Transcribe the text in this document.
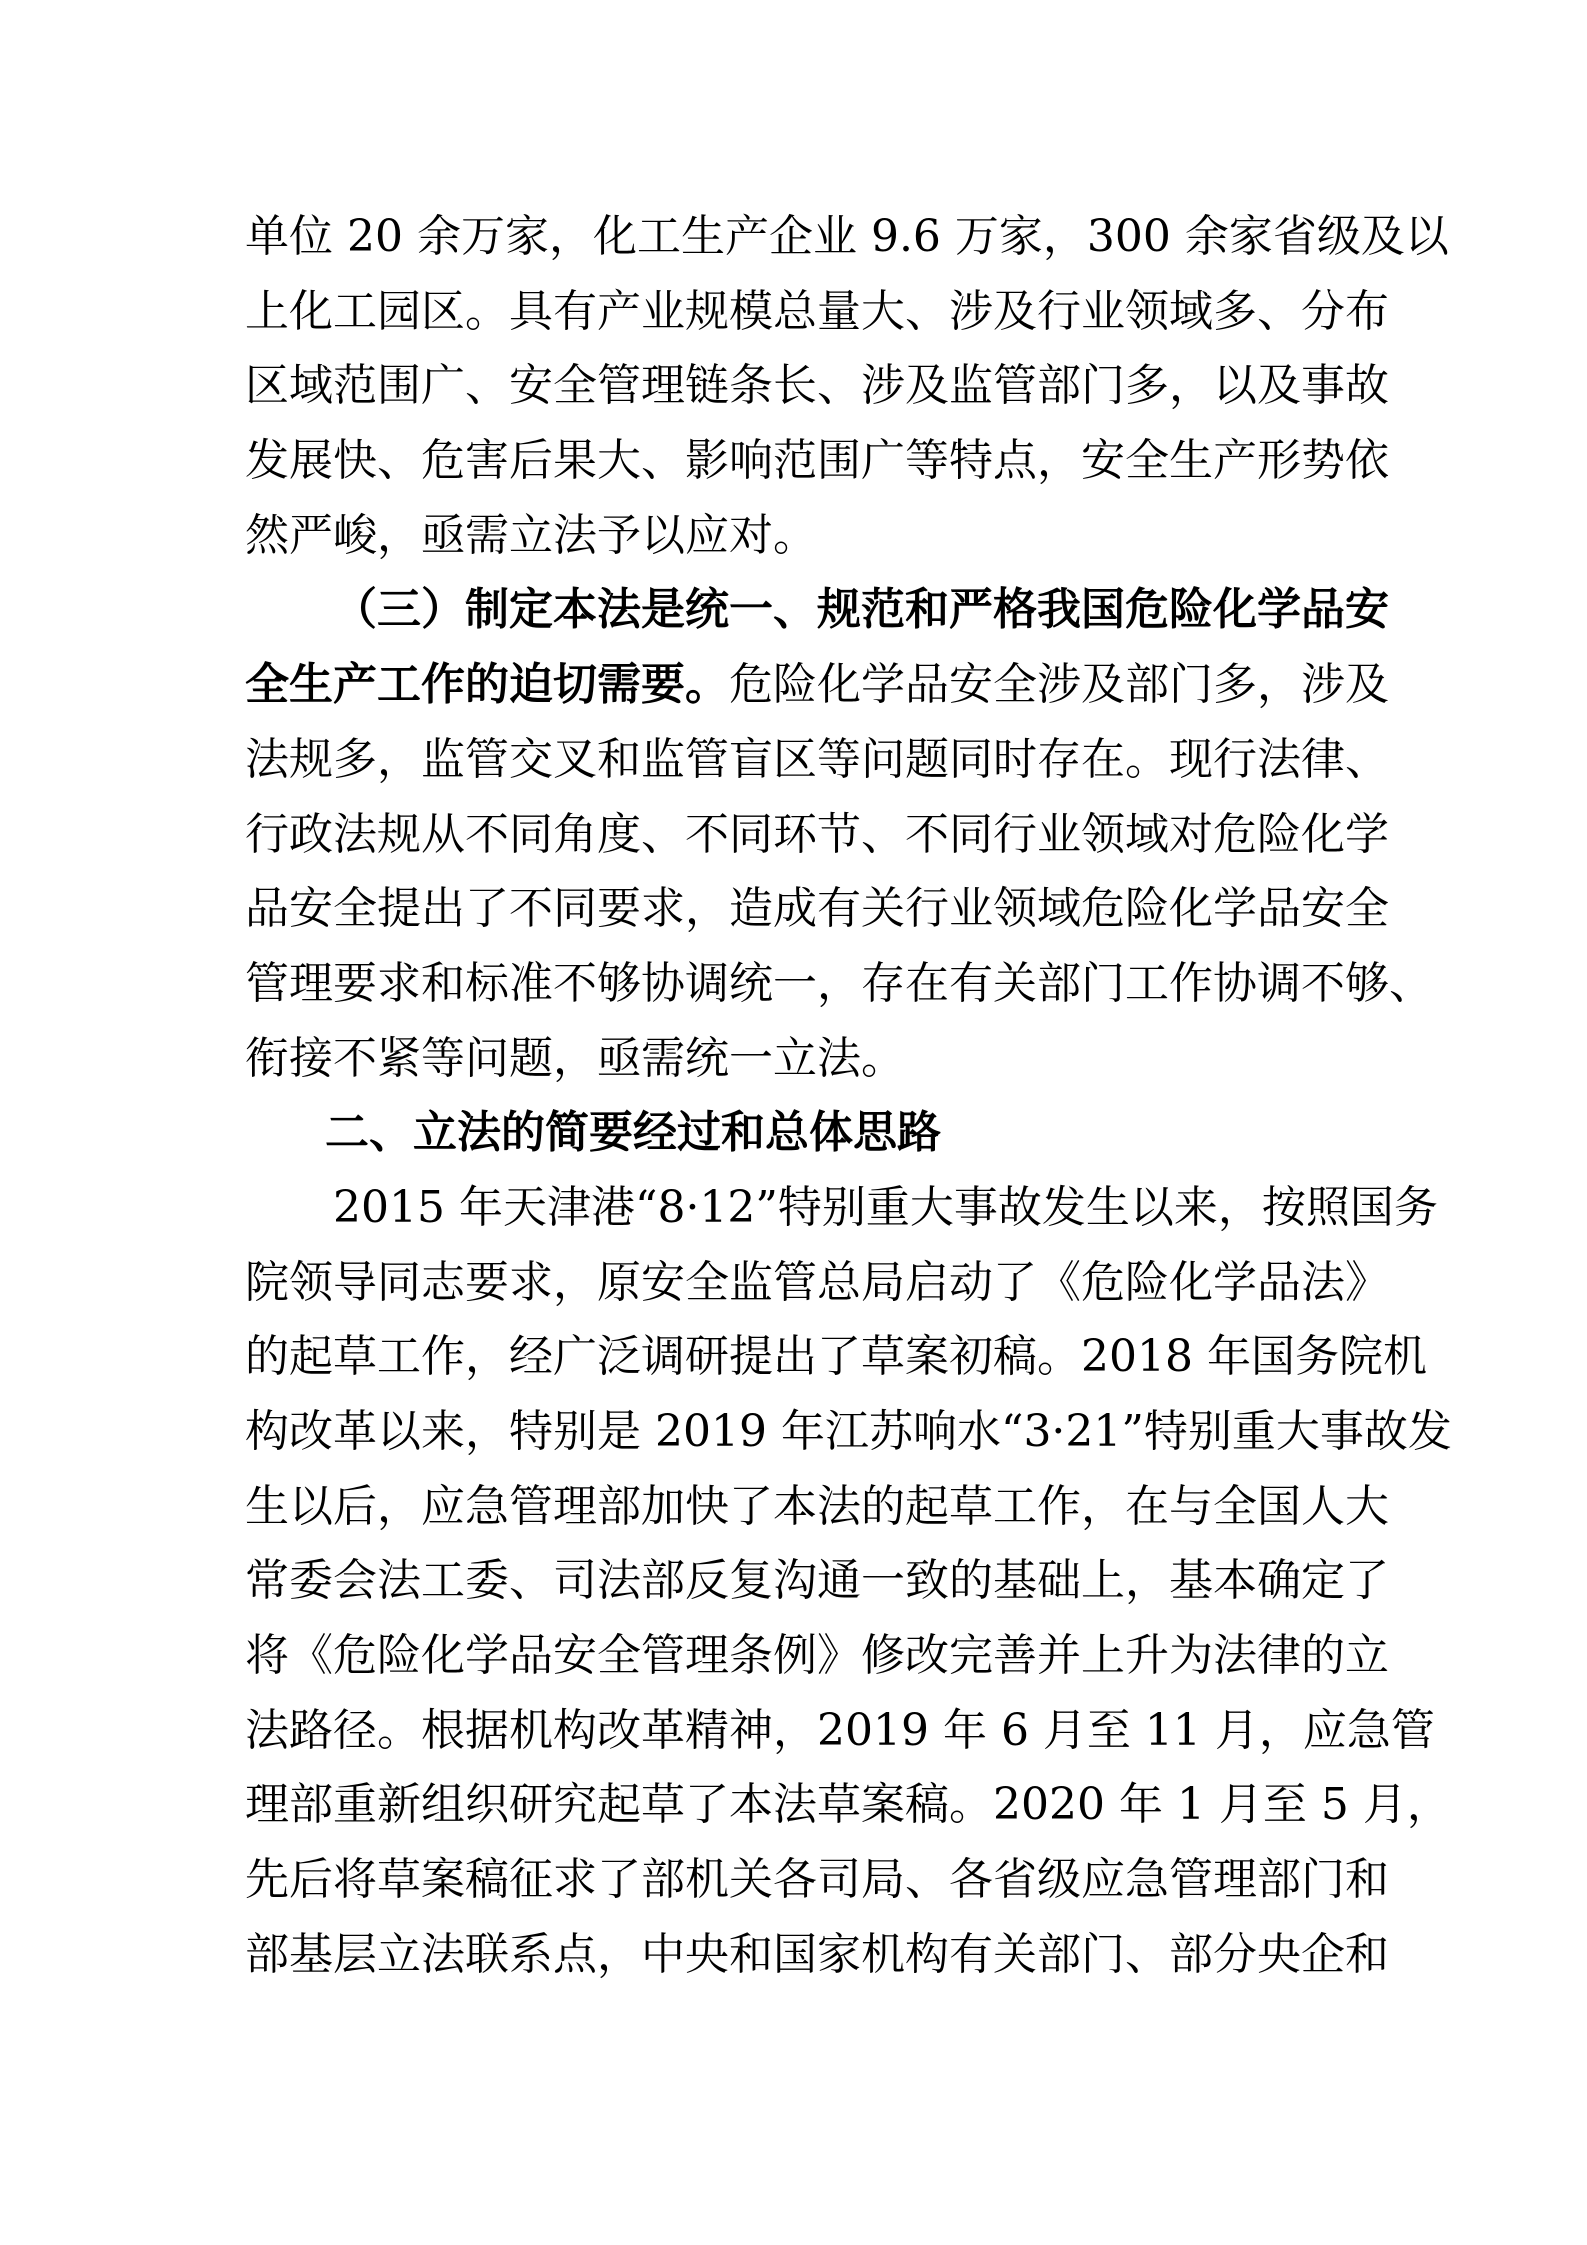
单位 20 余万家，化工生产企业 9.6 万家，300 余家省级及以
上化工园区。具有产业规模总量大、涉及行业领域多、分布
区域范围广、安全管理链条长、涉及监管部门多，以及事故
发展快、危害后果大、影响范围广等特点，安全生产形势依
然严峻，亟需立法予以应对。
（三）制定本法是统一、规范和严格我国危险化学品安
全生产工作的迫切需要。危险化学品安全涉及部门多，涉及
法规多，监管交叉和监管盲区等问题同时存在。现行法律、
行政法规从不同角度、不同环节、不同行业领域对危险化学
品安全提出了不同要求，造成有关行业领域危险化学品安全
管理要求和标准不够协调统一，存在有关部门工作协调不够、
衔接不紧等问题，亟需统一立法。
二、立法的简要经过和总体思路
2015 年天津港“8·12”特别重大事故发生以来，按照国务
院领导同志要求，原安全监管总局启动了《危险化学品法》
的起草工作，经广泛调研提出了草案初稿。2018 年国务院机
构改革以来，特别是 2019 年江苏响水“3·21”特别重大事故发
生以后，应急管理部加快了本法的起草工作，在与全国人大
常委会法工委、司法部反复沟通一致的基础上，基本确定了
将《危险化学品安全管理条例》修改完善并上升为法律的立
法路径。根据机构改革精神，2019 年 6 月至 11 月，应急管
理部重新组织研究起草了本法草案稿。2020 年 1 月至 5 月，
先后将草案稿征求了部机关各司局、各省级应急管理部门和
部基层立法联系点，中央和国家机构有关部门、部分央企和
